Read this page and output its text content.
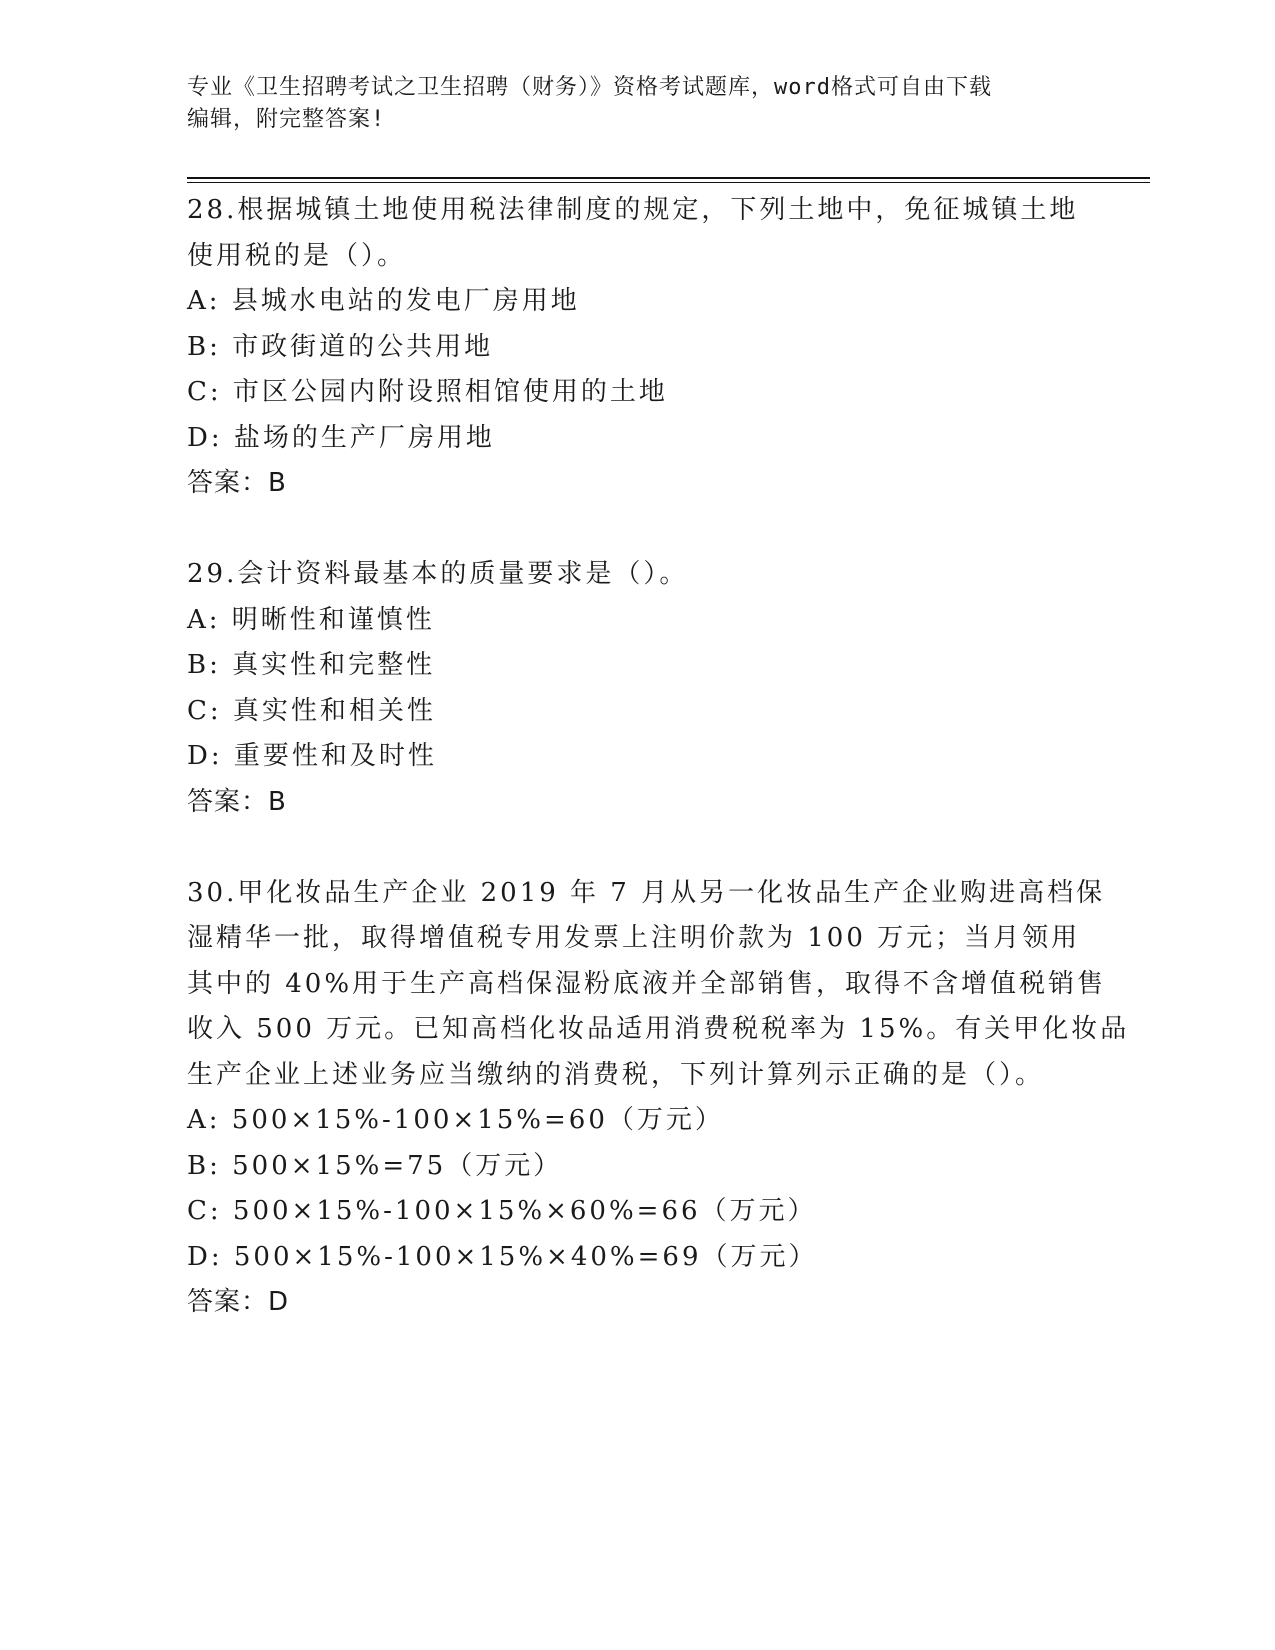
专业《卫生招聘考试之卫生招聘（财务）》资格考试题库，word格式可自由下载
编辑，附完整答案!

28.根据城镇土地使用税法律制度的规定，下列土地中，免征城镇土地

使用税的是（）。

A: 县城水电站的发电厂房用地

B: 市政街道的公共用地

C: 市区公园内附设照相馆使用的土地

D: 盐场的生产厂房用地

答案：B

29.会计资料最基本的质量要求是（）。

A: 明晰性和谨慎性

B: 真实性和完整性

C: 真实性和相关性

D: 重要性和及时性

答案：B

30.甲化妆品生产企业 2019 年 7 月从另一化妆品生产企业购进高档保

湿精华一批，取得增值税专用发票上注明价款为 100 万元；当月领用

其中的 40%用于生产高档保湿粉底液并全部销售，取得不含增值税销售

收入 500 万元。已知高档化妆品适用消费税税率为 15%。有关甲化妆品

生产企业上述业务应当缴纳的消费税，下列计算列示正确的是（）。

A: 500×15%-100×15%=60（万元）

B: 500×15%=75（万元）

C: 500×15%-100×15%×60%=66（万元）

D: 500×15%-100×15%×40%=69（万元）

答案：D
